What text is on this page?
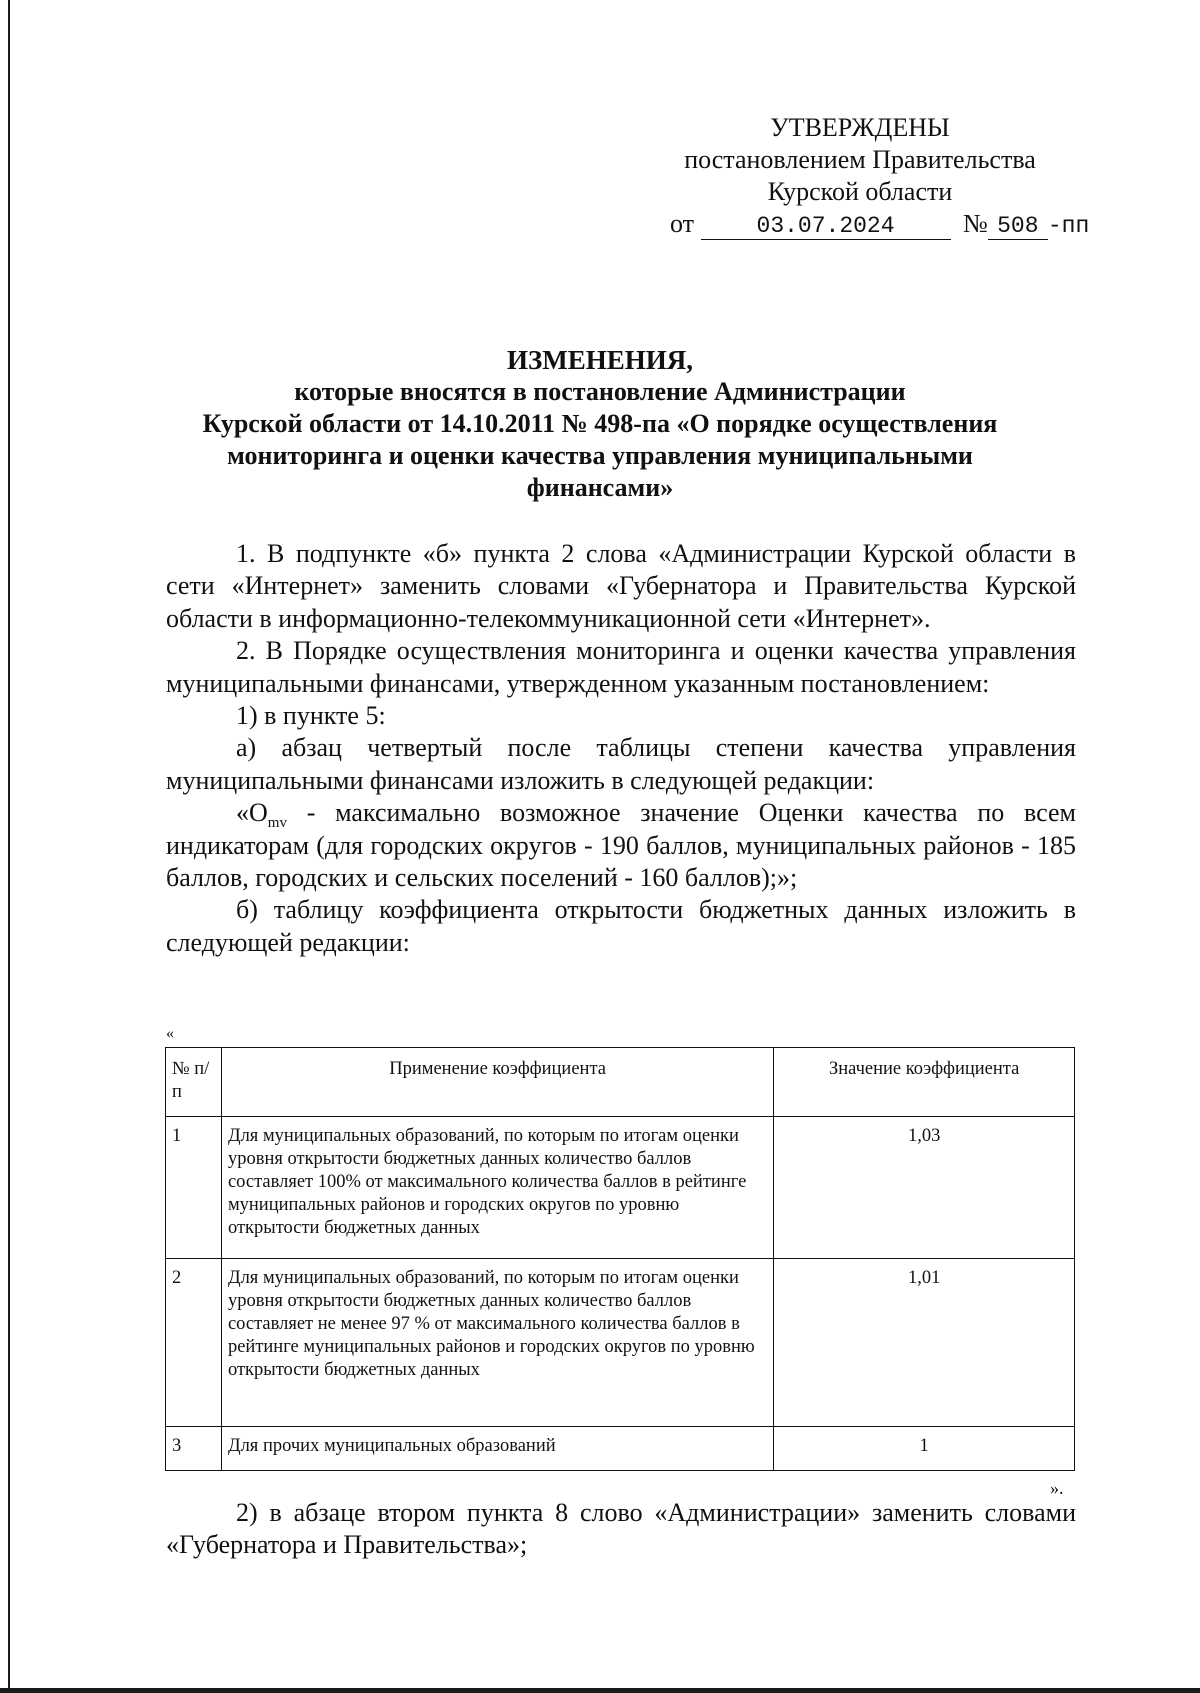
УТВЕРЖДЕНЫ
постановлением Правительства
Курской области
от	03.07.2024	№ 508 -пп
ИЗМЕНЕНИЯ,
которые вносятся в постановление Администрации
Курской области от 14.10.2011 № 498-па «О порядке осуществления
мониторинга и оценки качества управления муниципальными
финансами»

1. В подпункте «б» пункта 2 слова «Администрации Курской области в сети «Интернет» заменить словами «Губернатора и Правительства Курской области в информационно-телекоммуникационной сети «Интернет».

2. В Порядке осуществления мониторинга и оценки качества управления муниципальными финансами, утвержденном указанным постановлением:

1) в пункте 5:

а) абзац четвертый после таблицы степени качества управления муниципальными финансами изложить в следующей редакции:

«$O_{mv}$ - максимально возможное значение Оценки качества по всем индикаторам (для городских округов - 190 баллов, муниципальных районов - 185 баллов, городских и сельских поселений - 160 баллов);»;

б) таблицу коэффициента открытости бюджетных данных изложить в следующей редакции:

«
№ п/п	Применение коэффициента	Значение коэффициента
1	Для муниципальных образований, по которым по итогам оценки уровня открытости бюджетных данных количество баллов составляет 100% от максимального количества баллов в рейтинге муниципальных районов и городских округов по уровню открытости бюджетных данных	1,03
2	Для муниципальных образований, по которым по итогам оценки уровня открытости бюджетных данных количество баллов составляет не менее 97 % от максимального количества баллов в рейтинге муниципальных районов и городских округов по уровню открытости бюджетных данных	1,01
3	Для прочих муниципальных образований	1
».

2) в абзаце втором пункта 8 слово «Администрации» заменить словами «Губернатора и Правительства»;
